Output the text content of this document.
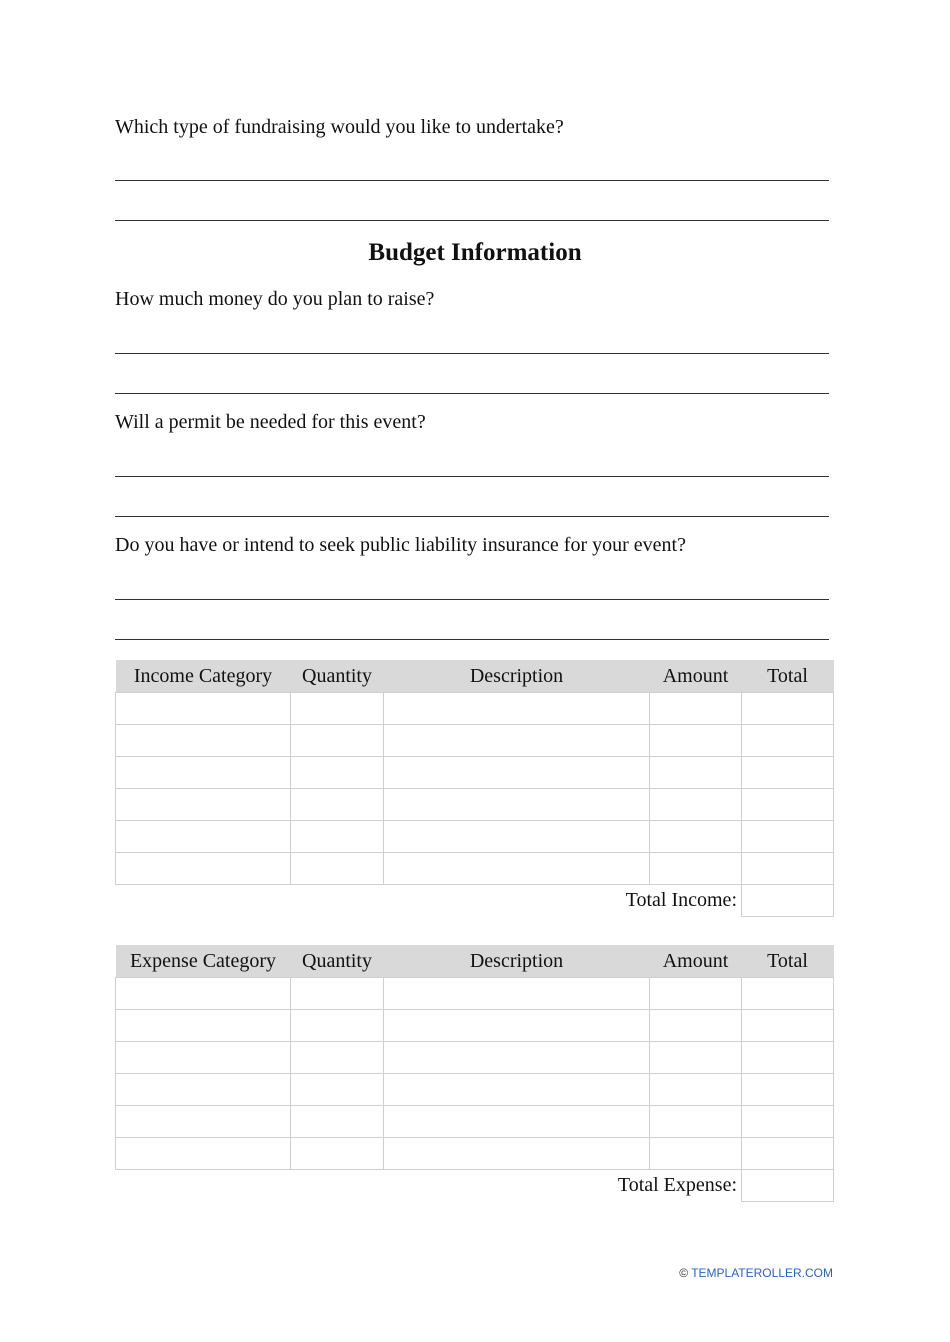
Which type of fundraising would you like to undertake?

Budget Information

How much money do you plan to raise?

Will a permit be needed for this event?

Do you have or intend to seek public liability insurance for your event?

Income Category	Quantity	Description	Amount	Total

		Total Income:		
Expense Category	Quantity	Description	Amount	Total

		Total Expense:		
© TEMPLATEROLLER.COM
